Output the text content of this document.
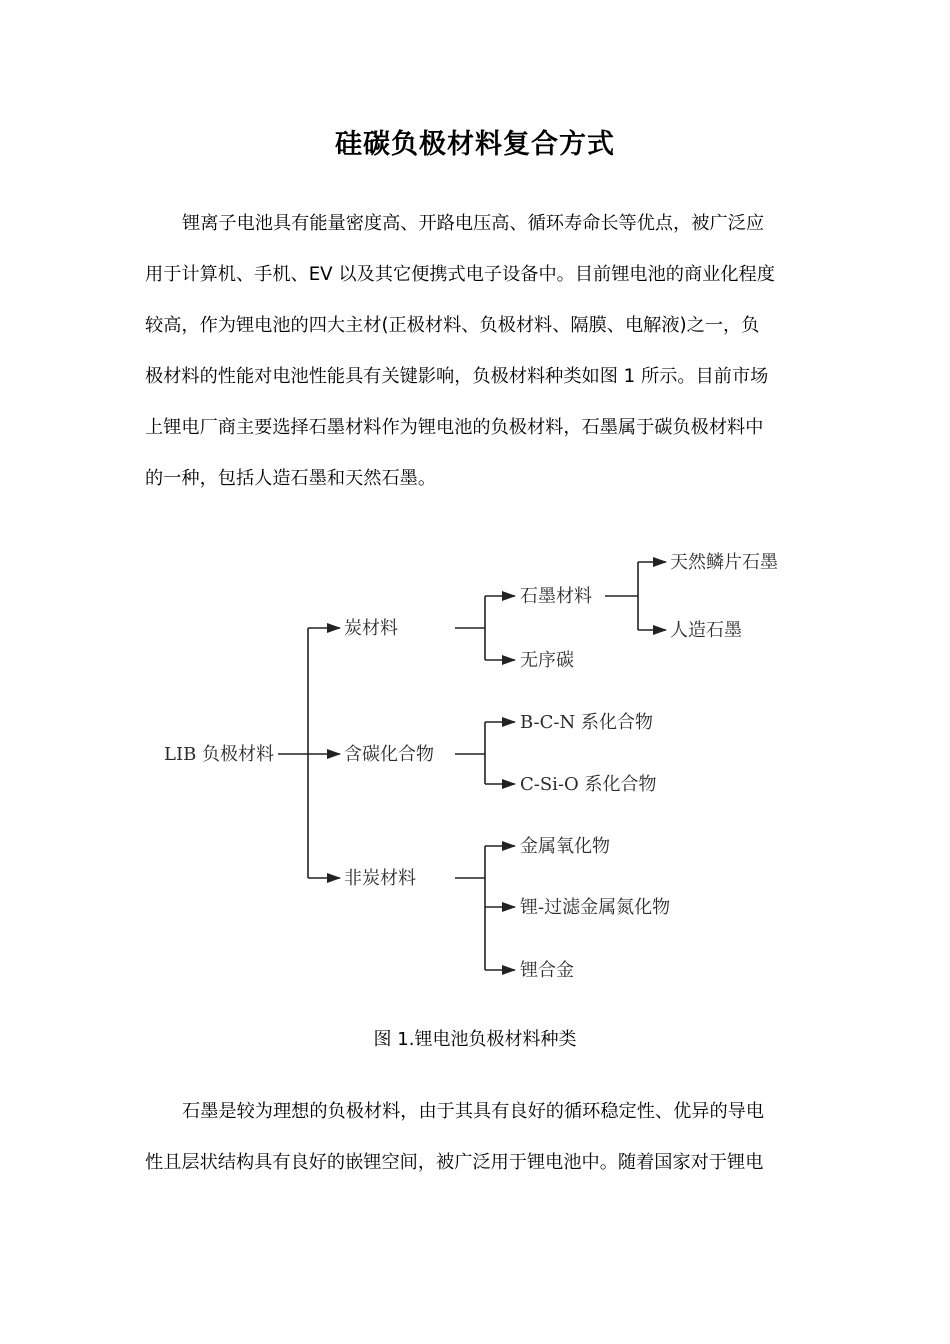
硅碳负极材料复合方式
锂离子电池具有能量密度高、开路电压高、循环寿命长等优点，被广泛应
用于计算机、手机、EV 以及其它便携式电子设备中。目前锂电池的商业化程度
较高，作为锂电池的四大主材(正极材料、负极材料、隔膜、电解液)之一，负
极材料的性能对电池性能具有关键影响，负极材料种类如图 1 所示。目前市场
上锂电厂商主要选择石墨材料作为锂电池的负极材料，石墨属于碳负极材料中
的一种，包括人造石墨和天然石墨。
LIB 负极材料
炭材料
含碳化合物
非炭材料
石墨材料
无序碳
天然鳞片石墨
人造石墨
B-C-N 系化合物
C-Si-O 系化合物
金属氧化物
锂-过滤金属氮化物
锂合金
图 1.锂电池负极材料种类
石墨是较为理想的负极材料，由于其具有良好的循环稳定性、优异的导电
性且层状结构具有良好的嵌锂空间，被广泛用于锂电池中。随着国家对于锂电
